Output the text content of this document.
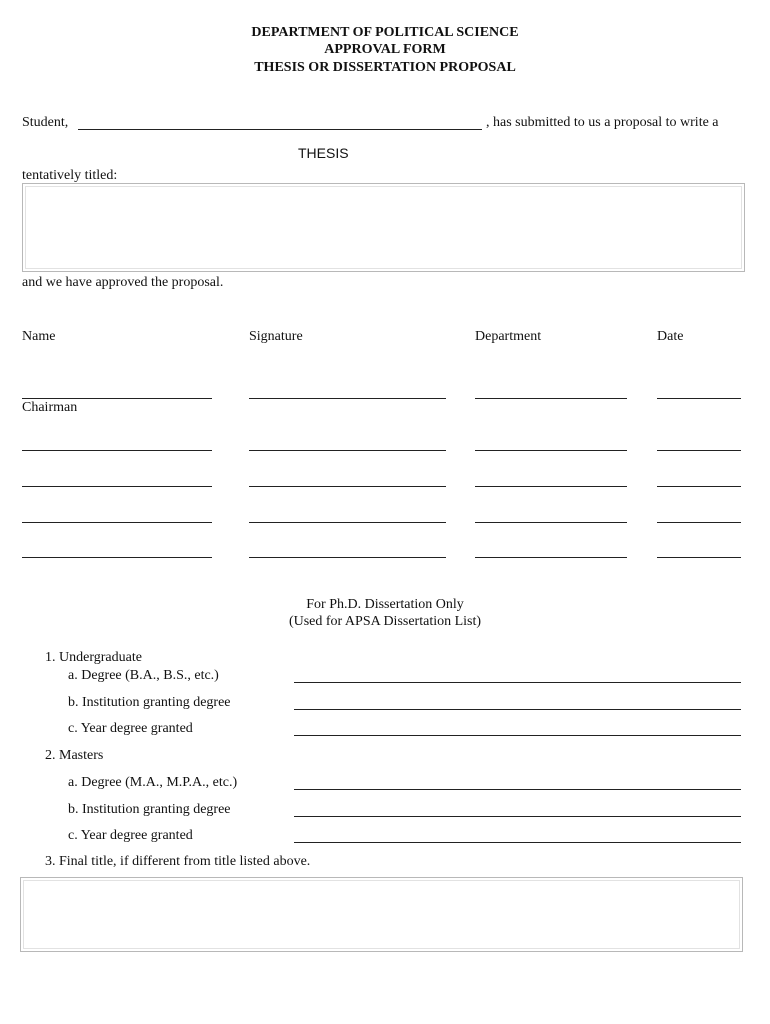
DEPARTMENT OF POLITICAL SCIENCE
APPROVAL FORM
THESIS OR DISSERTATION PROPOSAL
Student,	, has submitted to us a proposal to write a
THESIS
tentatively titled:
and we have approved the proposal.
Name	Signature	Department	Date
Chairman
For Ph.D. Dissertation Only
(Used for APSA Dissertation List)
1. Undergraduate
a. Degree (B.A., B.S., etc.)
b. Institution granting degree
c. Year degree granted
2. Masters
a. Degree (M.A., M.P.A., etc.)
b. Institution granting degree
c. Year degree granted
3. Final title, if different from title listed above.
